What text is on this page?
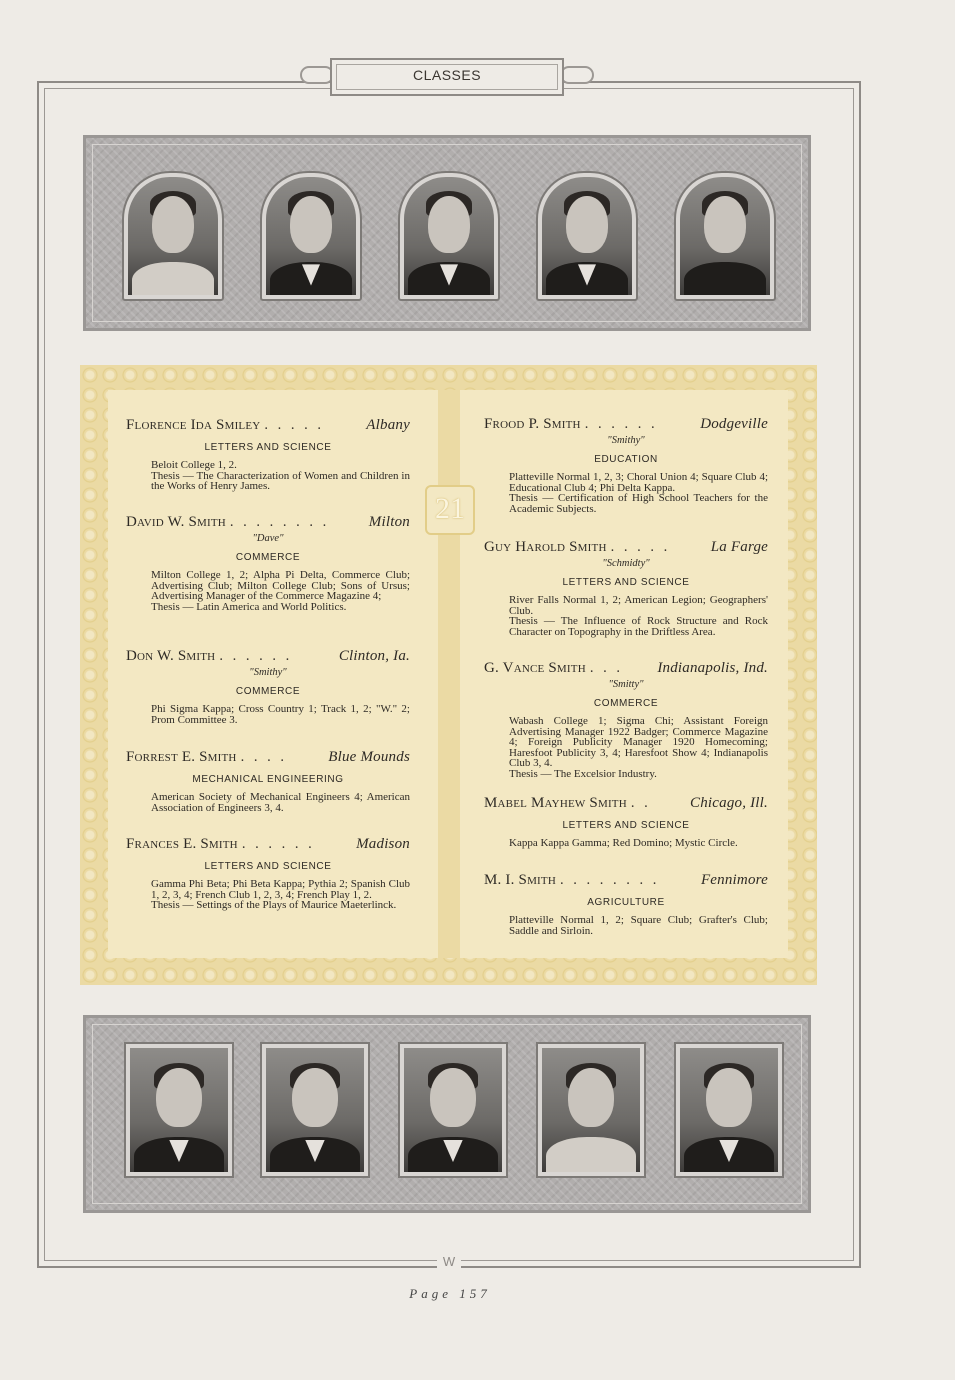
CLASSES
21
Florence Ida Smiley . . . . .	Albany
LETTERS AND SCIENCE
Beloit College 1, 2.
Thesis — The Characterization of Women and Children in the Works of Henry James.
David W. Smith . . . . . . . .	Milton
"Dave"
COMMERCE
Milton College 1, 2; Alpha Pi Delta, Commerce Club; Advertising Club; Milton College Club; Sons of Ursus; Advertising Manager of the Commerce Magazine 4;
Thesis — Latin America and World Politics.
Don W. Smith . . . . . .	Clinton, Ia.
"Smithy"
COMMERCE
Phi Sigma Kappa; Cross Country 1; Track 1, 2; "W." 2; Prom Committee 3.
Forrest E. Smith . . . .	Blue Mounds
MECHANICAL ENGINEERING
American Society of Mechanical Engineers 4; American Association of Engineers 3, 4.
Frances E. Smith . . . . . .	Madison
LETTERS AND SCIENCE
Gamma Phi Beta; Phi Beta Kappa; Pythia 2; Spanish Club 1, 2, 3, 4; French Club 1, 2, 3, 4; French Play 1, 2.
Thesis — Settings of the Plays of Maurice Maeterlinck.
Frood P. Smith . . . . . .	Dodgeville
"Smithy"
EDUCATION
Platteville Normal 1, 2, 3; Choral Union 4; Square Club 4; Educational Club 4; Phi Delta Kappa.
Thesis — Certification of High School Teachers for the Academic Subjects.
Guy Harold Smith . . . . .	La Farge
"Schmidty"
LETTERS AND SCIENCE
River Falls Normal 1, 2; American Legion; Geographers' Club.
Thesis — The Influence of Rock Structure and Rock Character on Topography in the Driftless Area.
G. Vance Smith . . .	Indianapolis, Ind.
"Smitty"
COMMERCE
Wabash College 1; Sigma Chi; Assistant Foreign Advertising Manager 1922 Badger; Commerce Magazine 4; Foreign Publicity Manager 1920 Homecoming; Haresfoot Publicity 3, 4; Haresfoot Show 4; Indianapolis Club 3, 4.
Thesis — The Excelsior Industry.
Mabel Mayhew Smith . .	Chicago, Ill.
LETTERS AND SCIENCE
Kappa Kappa Gamma; Red Domino; Mystic Circle.
M. I. Smith . . . . . . . .	Fennimore
AGRICULTURE
Platteville Normal 1, 2; Square Club; Grafter's Club; Saddle and Sirloin.
W
Page 157
